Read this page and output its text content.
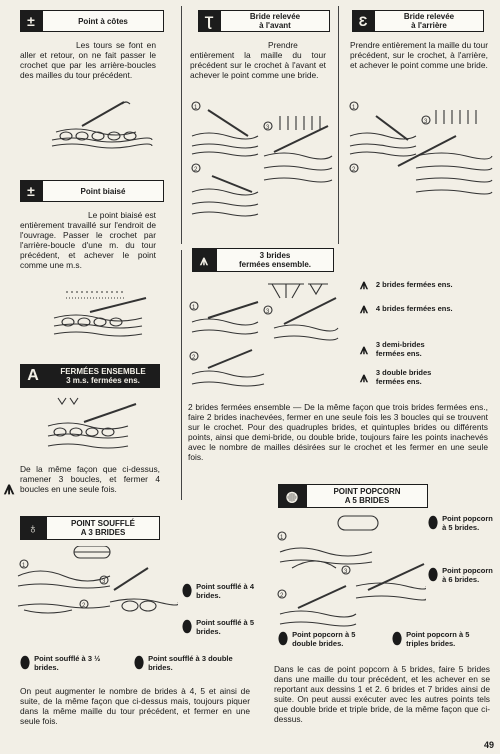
±	Point à côtes
Les tours se font en aller et retour, on ne fait passer le crochet que par les arrière-boucles des mailles du tour précédent.
±	Point biaisé
Le point biaisé est entièrement travaillé sur l'endroit de l'ouvrage. Passer le crochet par l'arrière-boucle d'une m. du tour précédent, et achever le point comme une m.s.
A	FERMÉES ENSEMBLE
3 m.s. fermées ens.
⩚
De la même façon que ci-dessus, ramener 3 boucles, et fermer 4 boucles en une seule fois.
♁	POINT SOUFFLÉ
A 3 BRIDES
1
3
2
⬮ Point soufflé à 4 brides.
⬮ Point soufflé à 5 brides.
⬮ Point soufflé à 3 ½ brides.	⬮ Point soufflé à 3 double brides.
On peut augmenter le nombre de brides à 4, 5 et ainsi de suite, de la même façon que ci-dessus mais, toujours piquer dans la même maille du tour précédent, et fermer en une seule fois.
Ʈ	Bride relevée
à l'avant
Prendre entièrement la maille du tour précédent sur le crochet à l'avant et achever le point comme une bride.
1
3
2
Ɛ	Bride relevée
à l'arrière
Prendre entièrement la maille du tour précédent, sur le crochet, à l'arrière, et achever le point comme une bride.
1
3
2
⩚	3 brides
fermées ensemble.
1
3
2
⩚ 2 brides fermées ens.
⩚ 4 brides fermées ens.
⩚ 3 demi-brides fermées ens.
⩚ 3 double brides fermées ens.
2 brides fermées ensemble — De la même façon que trois brides fermées ens., faire 2 brides inachevées, fermer en une seule fois les 3 boucles qui se trouvent sur le crochet. Pour des quadruples brides, et quintuples brides ou différents points, ainsi que demi-bride, ou double bride, toujours faire les points inachevés avec le nombre de mailles désirées sur le crochet et les fermer en une seule fois.
◍	POINT POPCORN
A 5 BRIDES
1
3
2
⬮ Point popcorn à 5 brides.
⬮ Point popcorn à 6 brides.
⬮ Point popcorn à 5 double brides.	⬮ Point popcorn à 5 triples brides.
Dans le cas de point popcorn à 5 brides, faire 5 brides dans une maille du tour précédent, et les achever en se reportant aux dessins 1 et 2. 6 brides et 7 brides ainsi de suite. On peut aussi exécuter avec les autres points tels que double bride et triple bride, de la même façon que ci-dessus.
49
